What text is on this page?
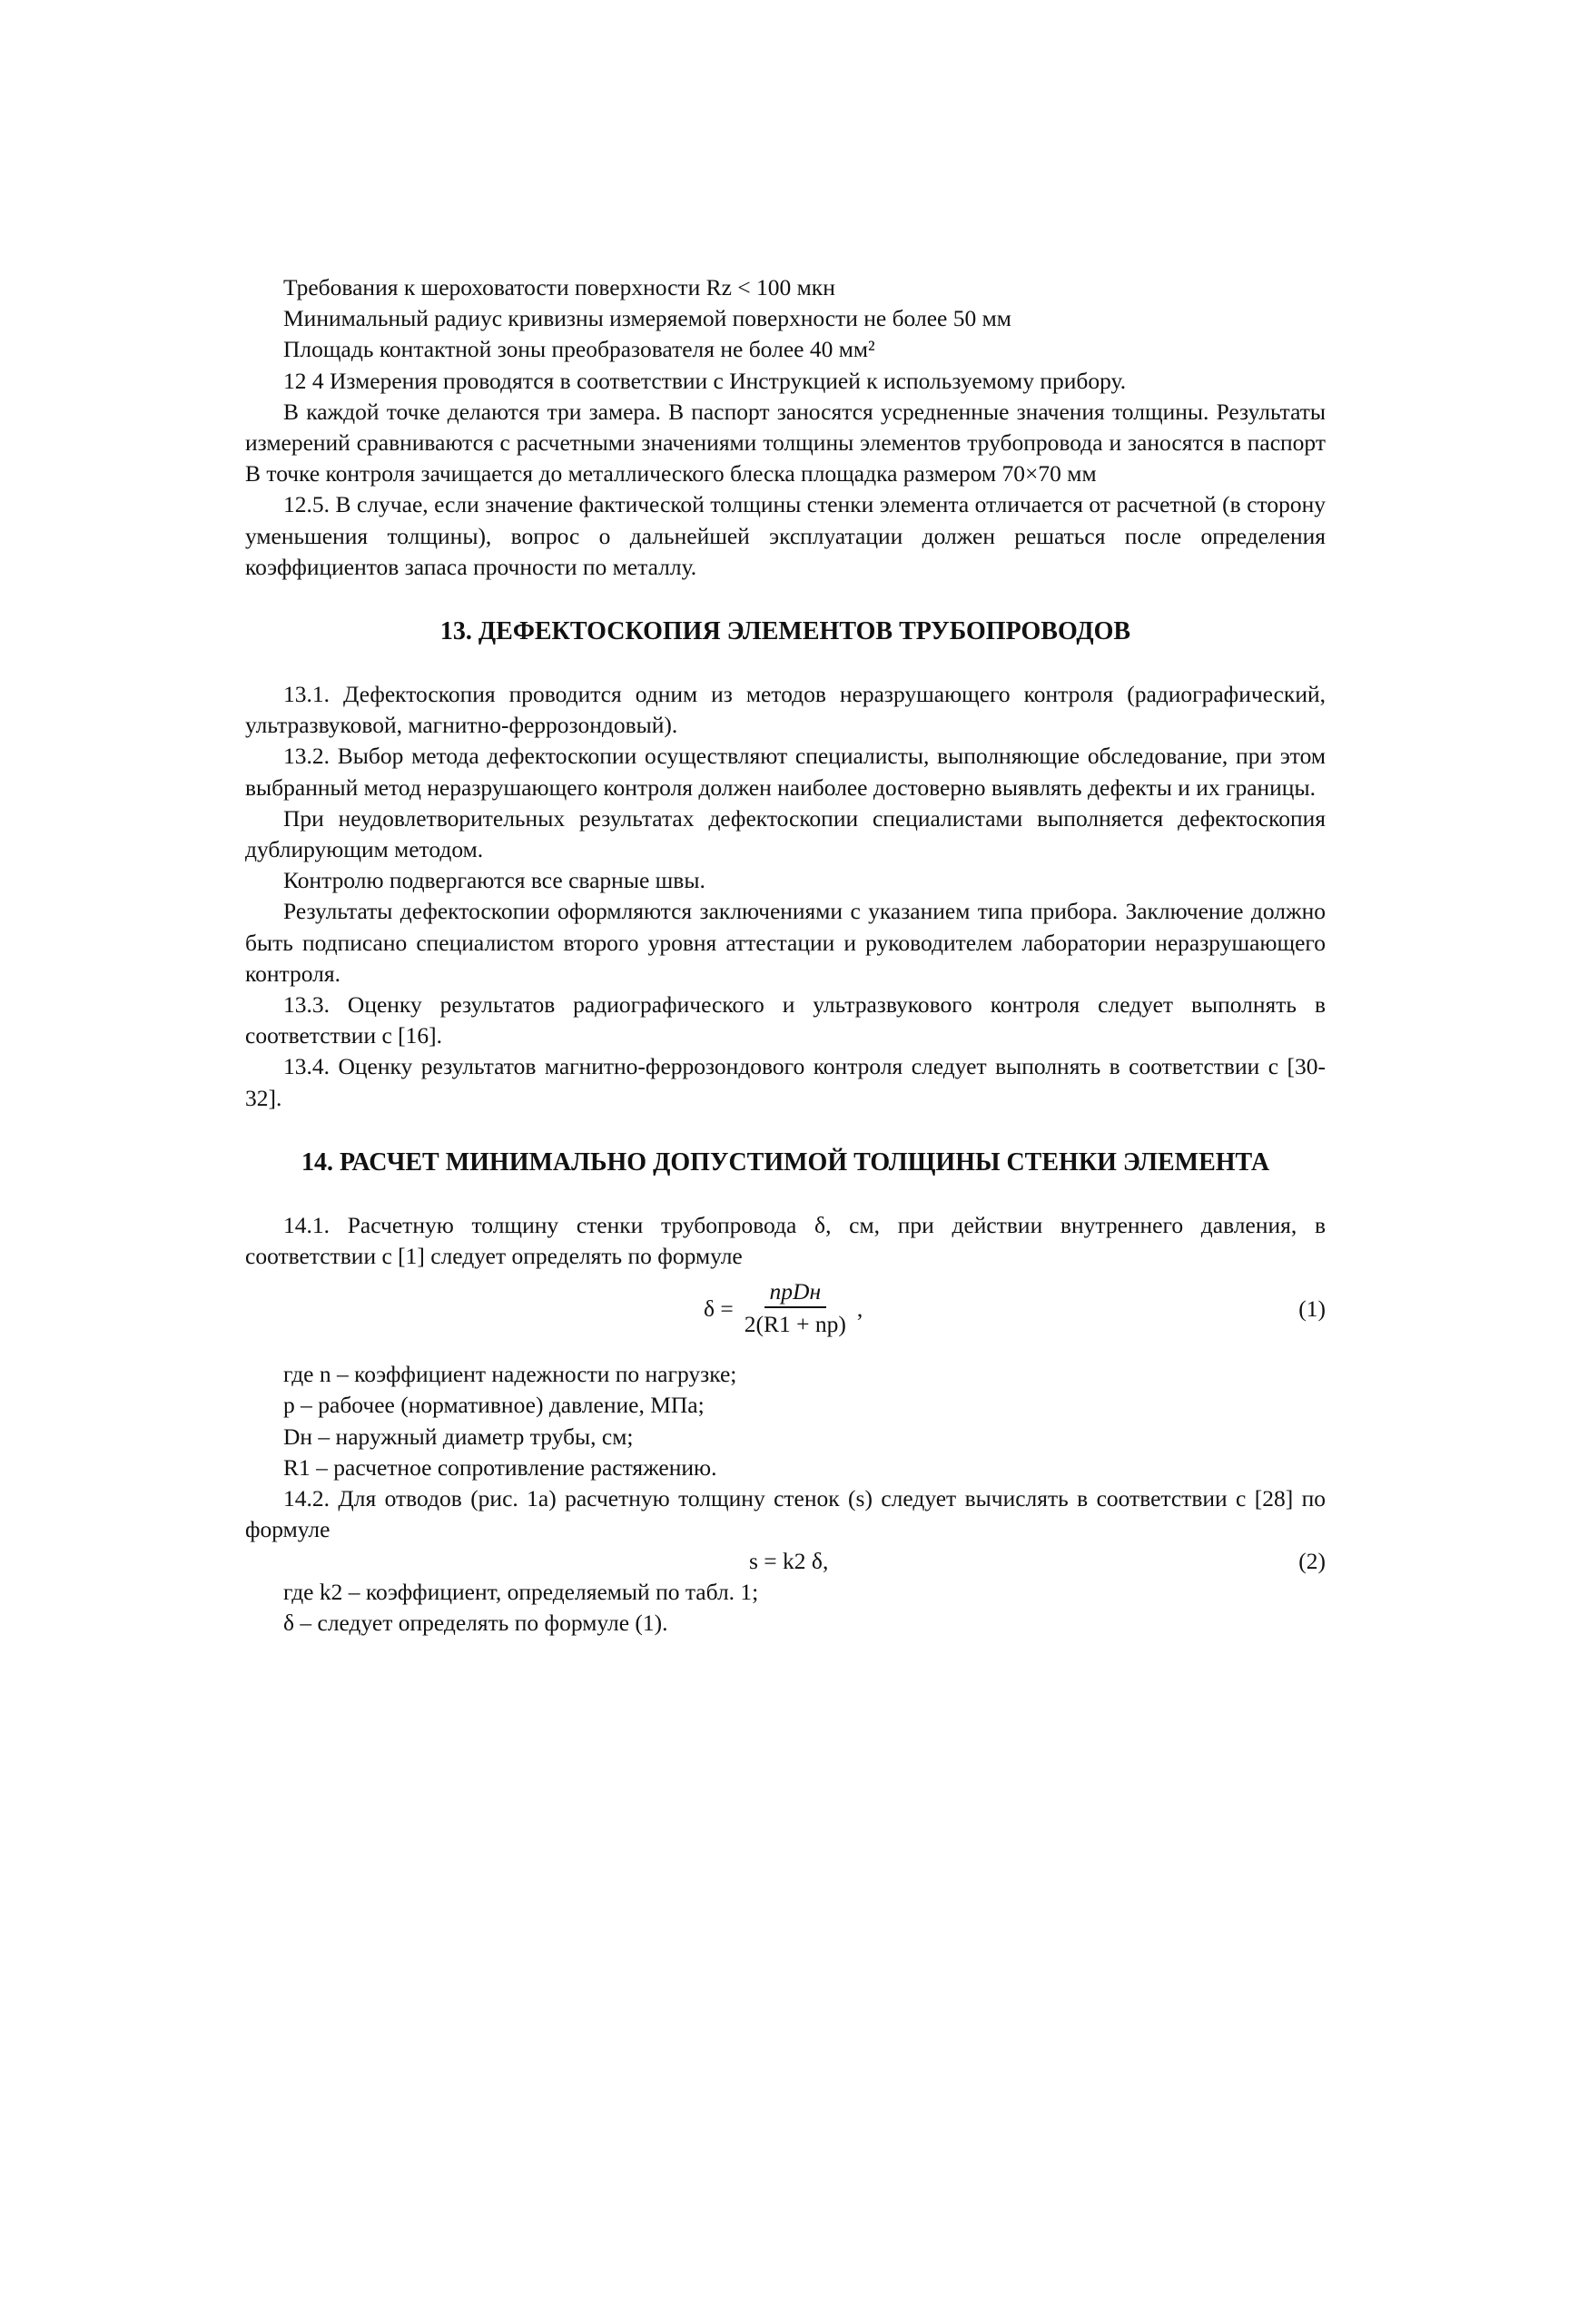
Требования к шероховатости поверхности Rz < 100 мкн

Минимальный радиус кривизны измеряемой поверхности не более 50 мм

Площадь контактной зоны преобразователя не более 40 мм²

12 4 Измерения проводятся в соответствии с Инструкцией к используемому прибору.

В каждой точке делаются три замера. В паспорт заносятся усредненные значения толщины. Результаты измерений сравниваются с расчетными значениями толщины элементов трубопровода и заносятся в паспорт В точке контроля зачищается до металлического блеска площадка размером 70×70 мм

12.5. В случае, если значение фактической толщины стенки элемента отличается от расчетной (в сторону уменьшения толщины), вопрос о дальнейшей эксплуатации должен решаться после определения коэффициентов запаса прочности по металлу.

13. ДЕФЕКТОСКОПИЯ ЭЛЕМЕНТОВ ТРУБОПРОВОДОВ

13.1. Дефектоскопия проводится одним из методов неразрушающего контроля (радиографический, ультразвуковой, магнитно-феррозондовый).

13.2. Выбор метода дефектоскопии осуществляют специалисты, выполняющие обследование, при этом выбранный метод неразрушающего контроля должен наиболее достоверно выявлять дефекты и их границы.

При неудовлетворительных результатах дефектоскопии специалистами выполняется дефектоскопия дублирующим методом.

Контролю подвергаются все сварные швы.

Результаты дефектоскопии оформляются заключениями с указанием типа прибора. Заключение должно быть подписано специалистом второго уровня аттестации и руководителем лаборатории неразрушающего контроля.

13.3. Оценку результатов радиографического и ультразвукового контроля следует выполнять в соответствии с [16].

13.4. Оценку результатов магнитно-феррозондового контроля следует выполнять в соответствии с [30-32].

14. РАСЧЕТ МИНИМАЛЬНО ДОПУСТИМОЙ ТОЛЩИНЫ СТЕНКИ ЭЛЕМЕНТА

14.1. Расчетную толщину стенки трубопровода δ, см, при действии внутреннего давления, в соответствии с [1] следует определять по формуле

$\delta = \frac{\text{npDн}}{2(R1 + np)}$ ,	(1)

где n – коэффициент надежности по нагрузке;

p – рабочее (нормативное) давление, МПа;

Dн – наружный диаметр трубы, см;

R1 – расчетное сопротивление растяжению.

14.2. Для отводов (рис. 1а) расчетную толщину стенок (s) следует вычислять в соответствии с [28] по формуле

s = k2 δ,	(2)

где k2 – коэффициент, определяемый по табл. 1;

δ – следует определять по формуле (1).
